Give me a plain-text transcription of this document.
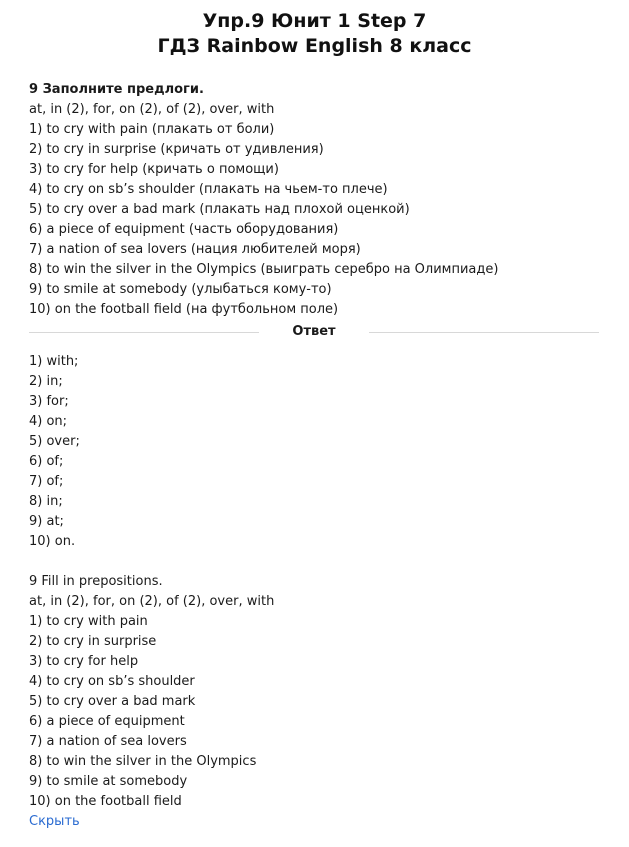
Упр.9 Юнит 1 Step 7
ГДЗ Rainbow English 8 класс
9 Заполните предлоги.
at, in (2), for, on (2), of (2), over, with
1) to cry with pain (плакать от боли)
2) to cry in surprise (кричать от удивления)
3) to cry for help (кричать о помощи)
4) to cry on sb’s shoulder (плакать на чьем-то плече)
5) to cry over a bad mark (плакать над плохой оценкой)
6) a piece of equipment (часть оборудования)
7) a nation of sea lovers (нация любителей моря)
8) to win the silver in the Olympics (выиграть серебро на Олимпиаде)
9) to smile at somebody (улыбаться кому-то)
10) on the football field (на футбольном поле)
Ответ
1) with;
2) in;
3) for;
4) on;
5) over;
6) of;
7) of;
8) in;
9) at;
10) on.
9 Fill in prepositions.
at, in (2), for, on (2), of (2), over, with
1) to cry with pain
2) to cry in surprise
3) to cry for help
4) to cry on sb’s shoulder
5) to cry over a bad mark
6) a piece of equipment
7) a nation of sea lovers
8) to win the silver in the Olympics
9) to smile at somebody
10) on the football field
Скрыть
